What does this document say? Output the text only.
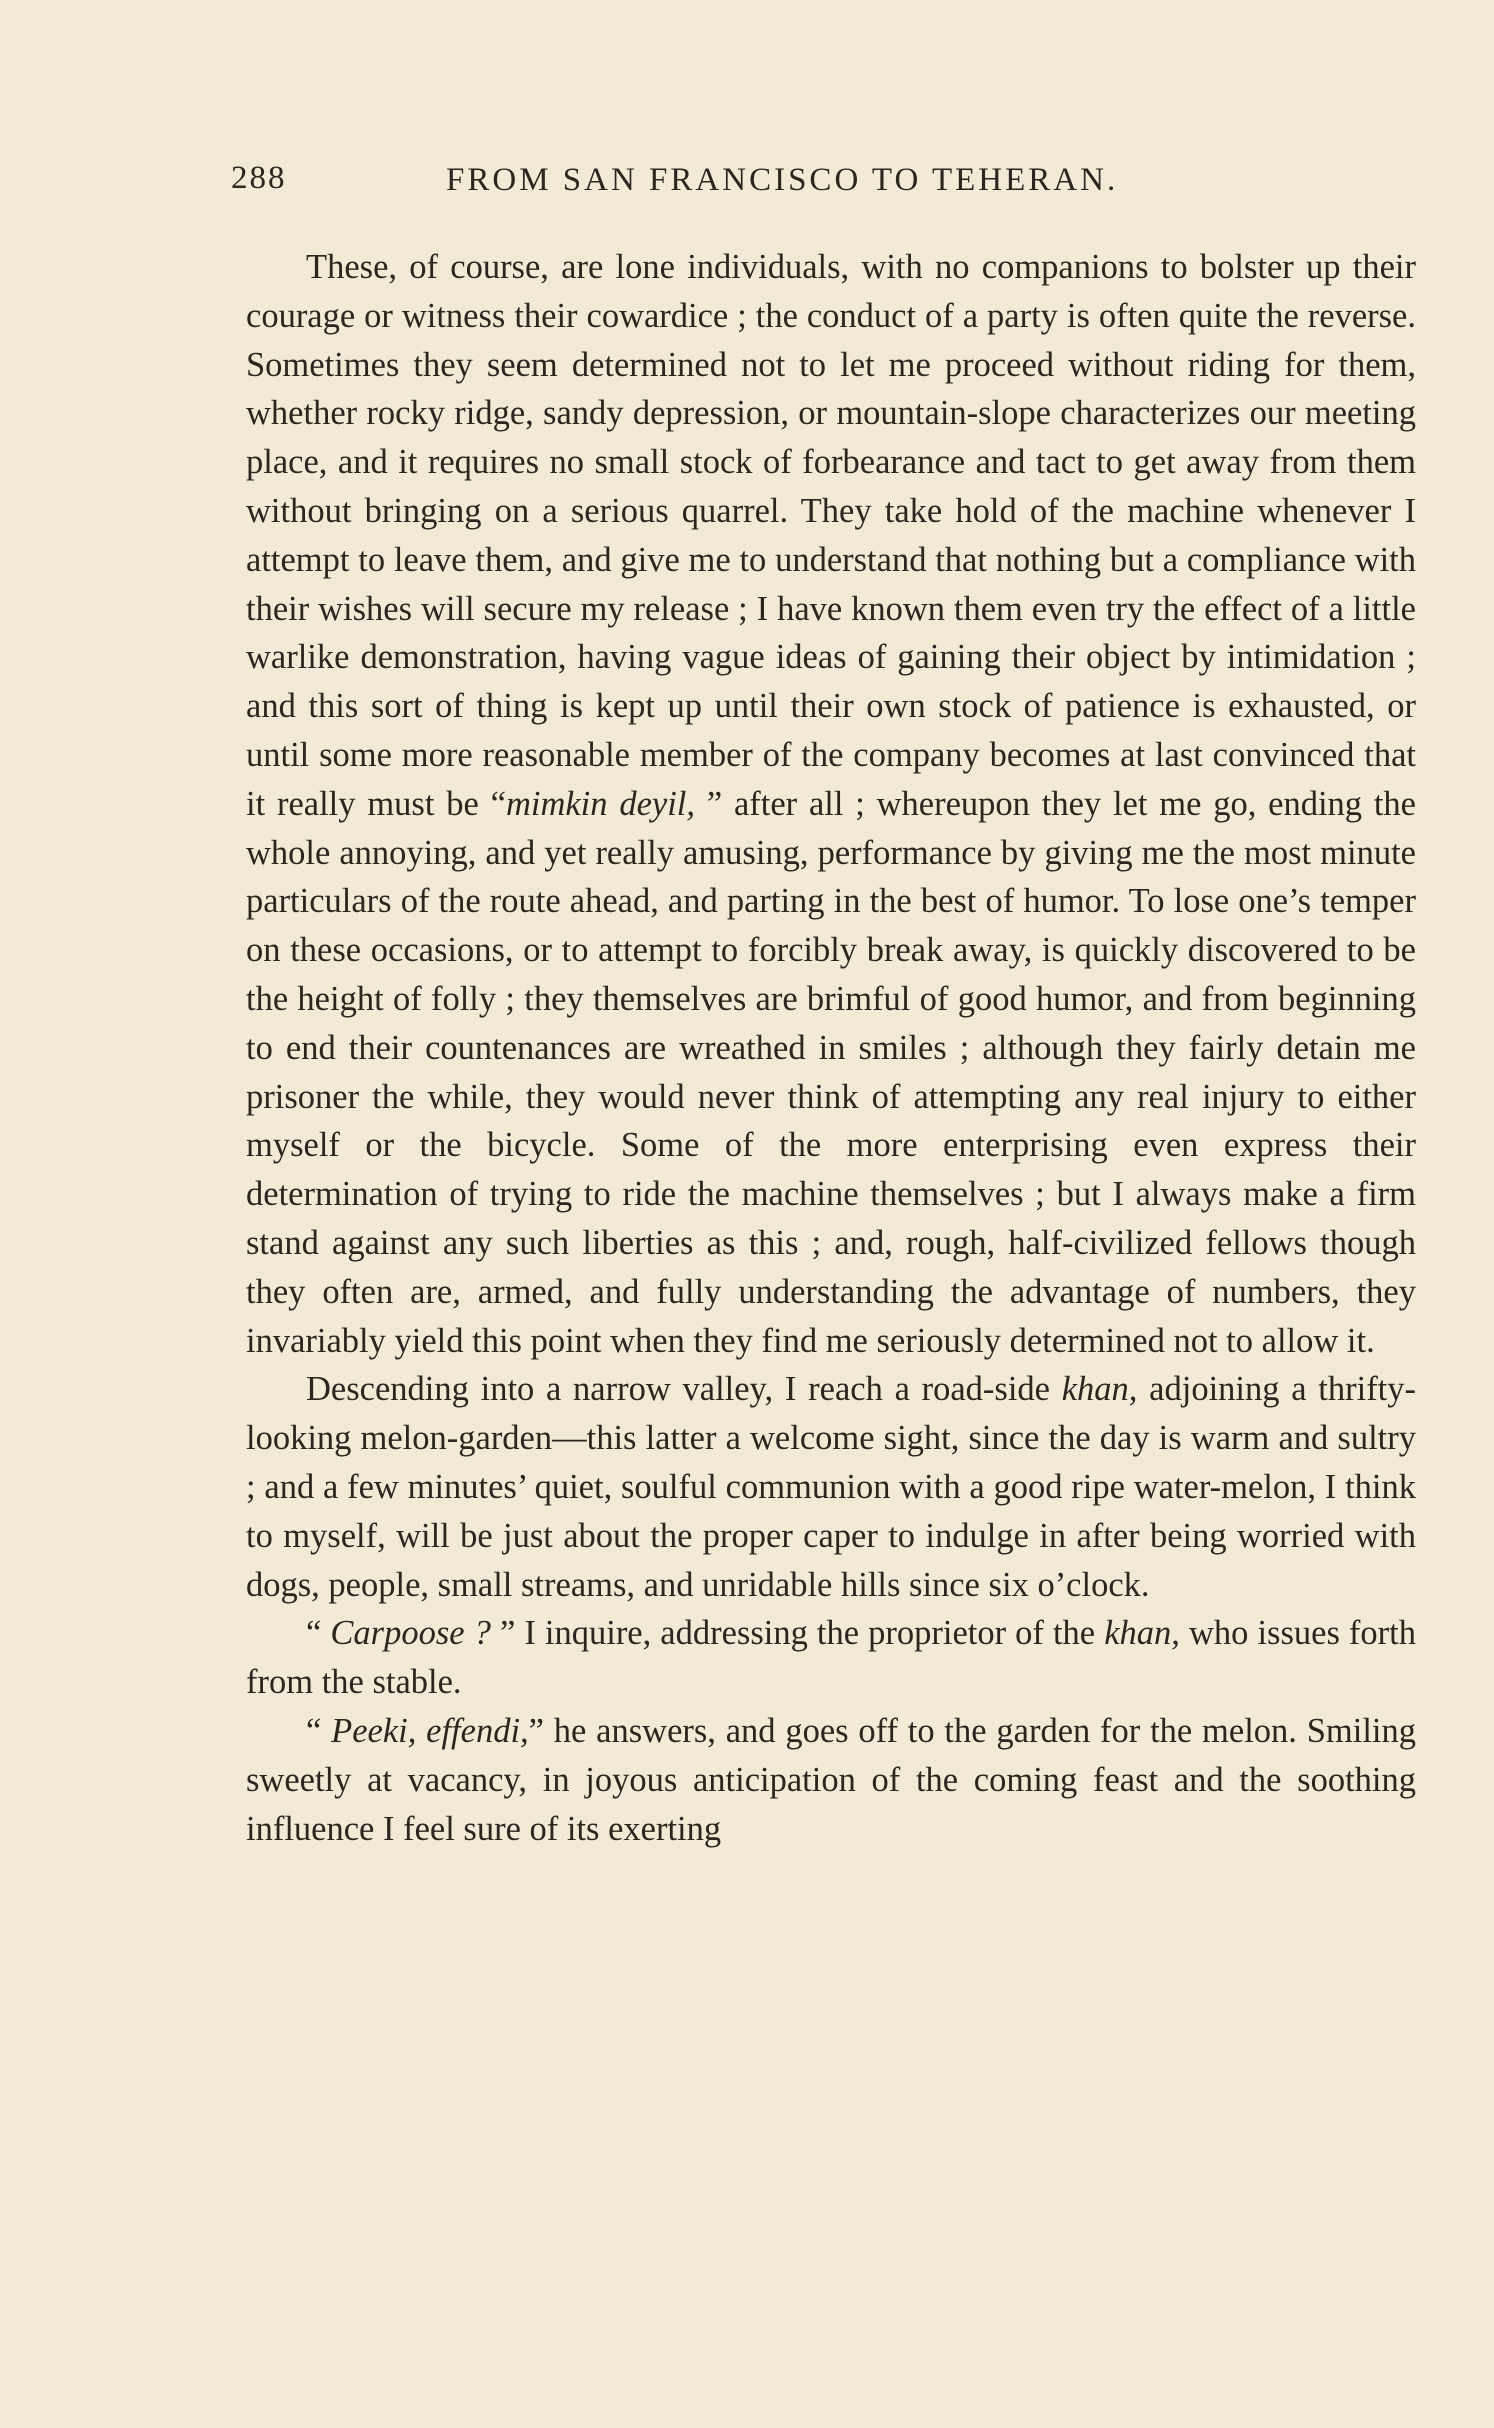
288	FROM SAN FRANCISCO TO TEHERAN.

These, of course, are lone individuals, with no companions to bolster up their courage or witness their cowardice ; the conduct of a party is often quite the reverse. Sometimes they seem determined not to let me proceed without riding for them, whether rocky ridge, sandy depression, or mountain-slope characterizes our meeting place, and it requires no small stock of forbearance and tact to get away from them without bringing on a serious quarrel. They take hold of the machine whenever I attempt to leave them, and give me to understand that nothing but a compliance with their wishes will secure my release ; I have known them even try the effect of a little warlike demonstration, having vague ideas of gaining their object by intimidation ; and this sort of thing is kept up until their own stock of patience is exhausted, or until some more reasonable member of the company becomes at last convinced that it really must be “mimkin deyil, ” after all ; whereupon they let me go, ending the whole annoying, and yet really amusing, performance by giving me the most minute particulars of the route ahead, and parting in the best of humor. To lose one’s temper on these occasions, or to attempt to forcibly break away, is quickly discovered to be the height of folly ; they themselves are brimful of good humor, and from beginning to end their countenances are wreathed in smiles ; although they fairly detain me prisoner the while, they would never think of attempting any real injury to either myself or the bicycle. Some of the more enterprising even express their determination of trying to ride the machine themselves ; but I always make a firm stand against any such liberties as this ; and, rough, half-civilized fellows though they often are, armed, and fully understanding the advantage of numbers, they invariably yield this point when they find me seriously determined not to allow it.

Descending into a narrow valley, I reach a road-side khan, adjoining a thrifty-looking melon-garden—this latter a welcome sight, since the day is warm and sultry ; and a few minutes’ quiet, soulful communion with a good ripe water-melon, I think to myself, will be just about the proper caper to indulge in after being worried with dogs, people, small streams, and unridable hills since six o’clock.

“ Carpoose ? ” I inquire, addressing the proprietor of the khan, who issues forth from the stable.

“ Peeki, effendi,” he answers, and goes off to the garden for the melon. Smiling sweetly at vacancy, in joyous anticipation of the coming feast and the soothing influence I feel sure of its exerting
